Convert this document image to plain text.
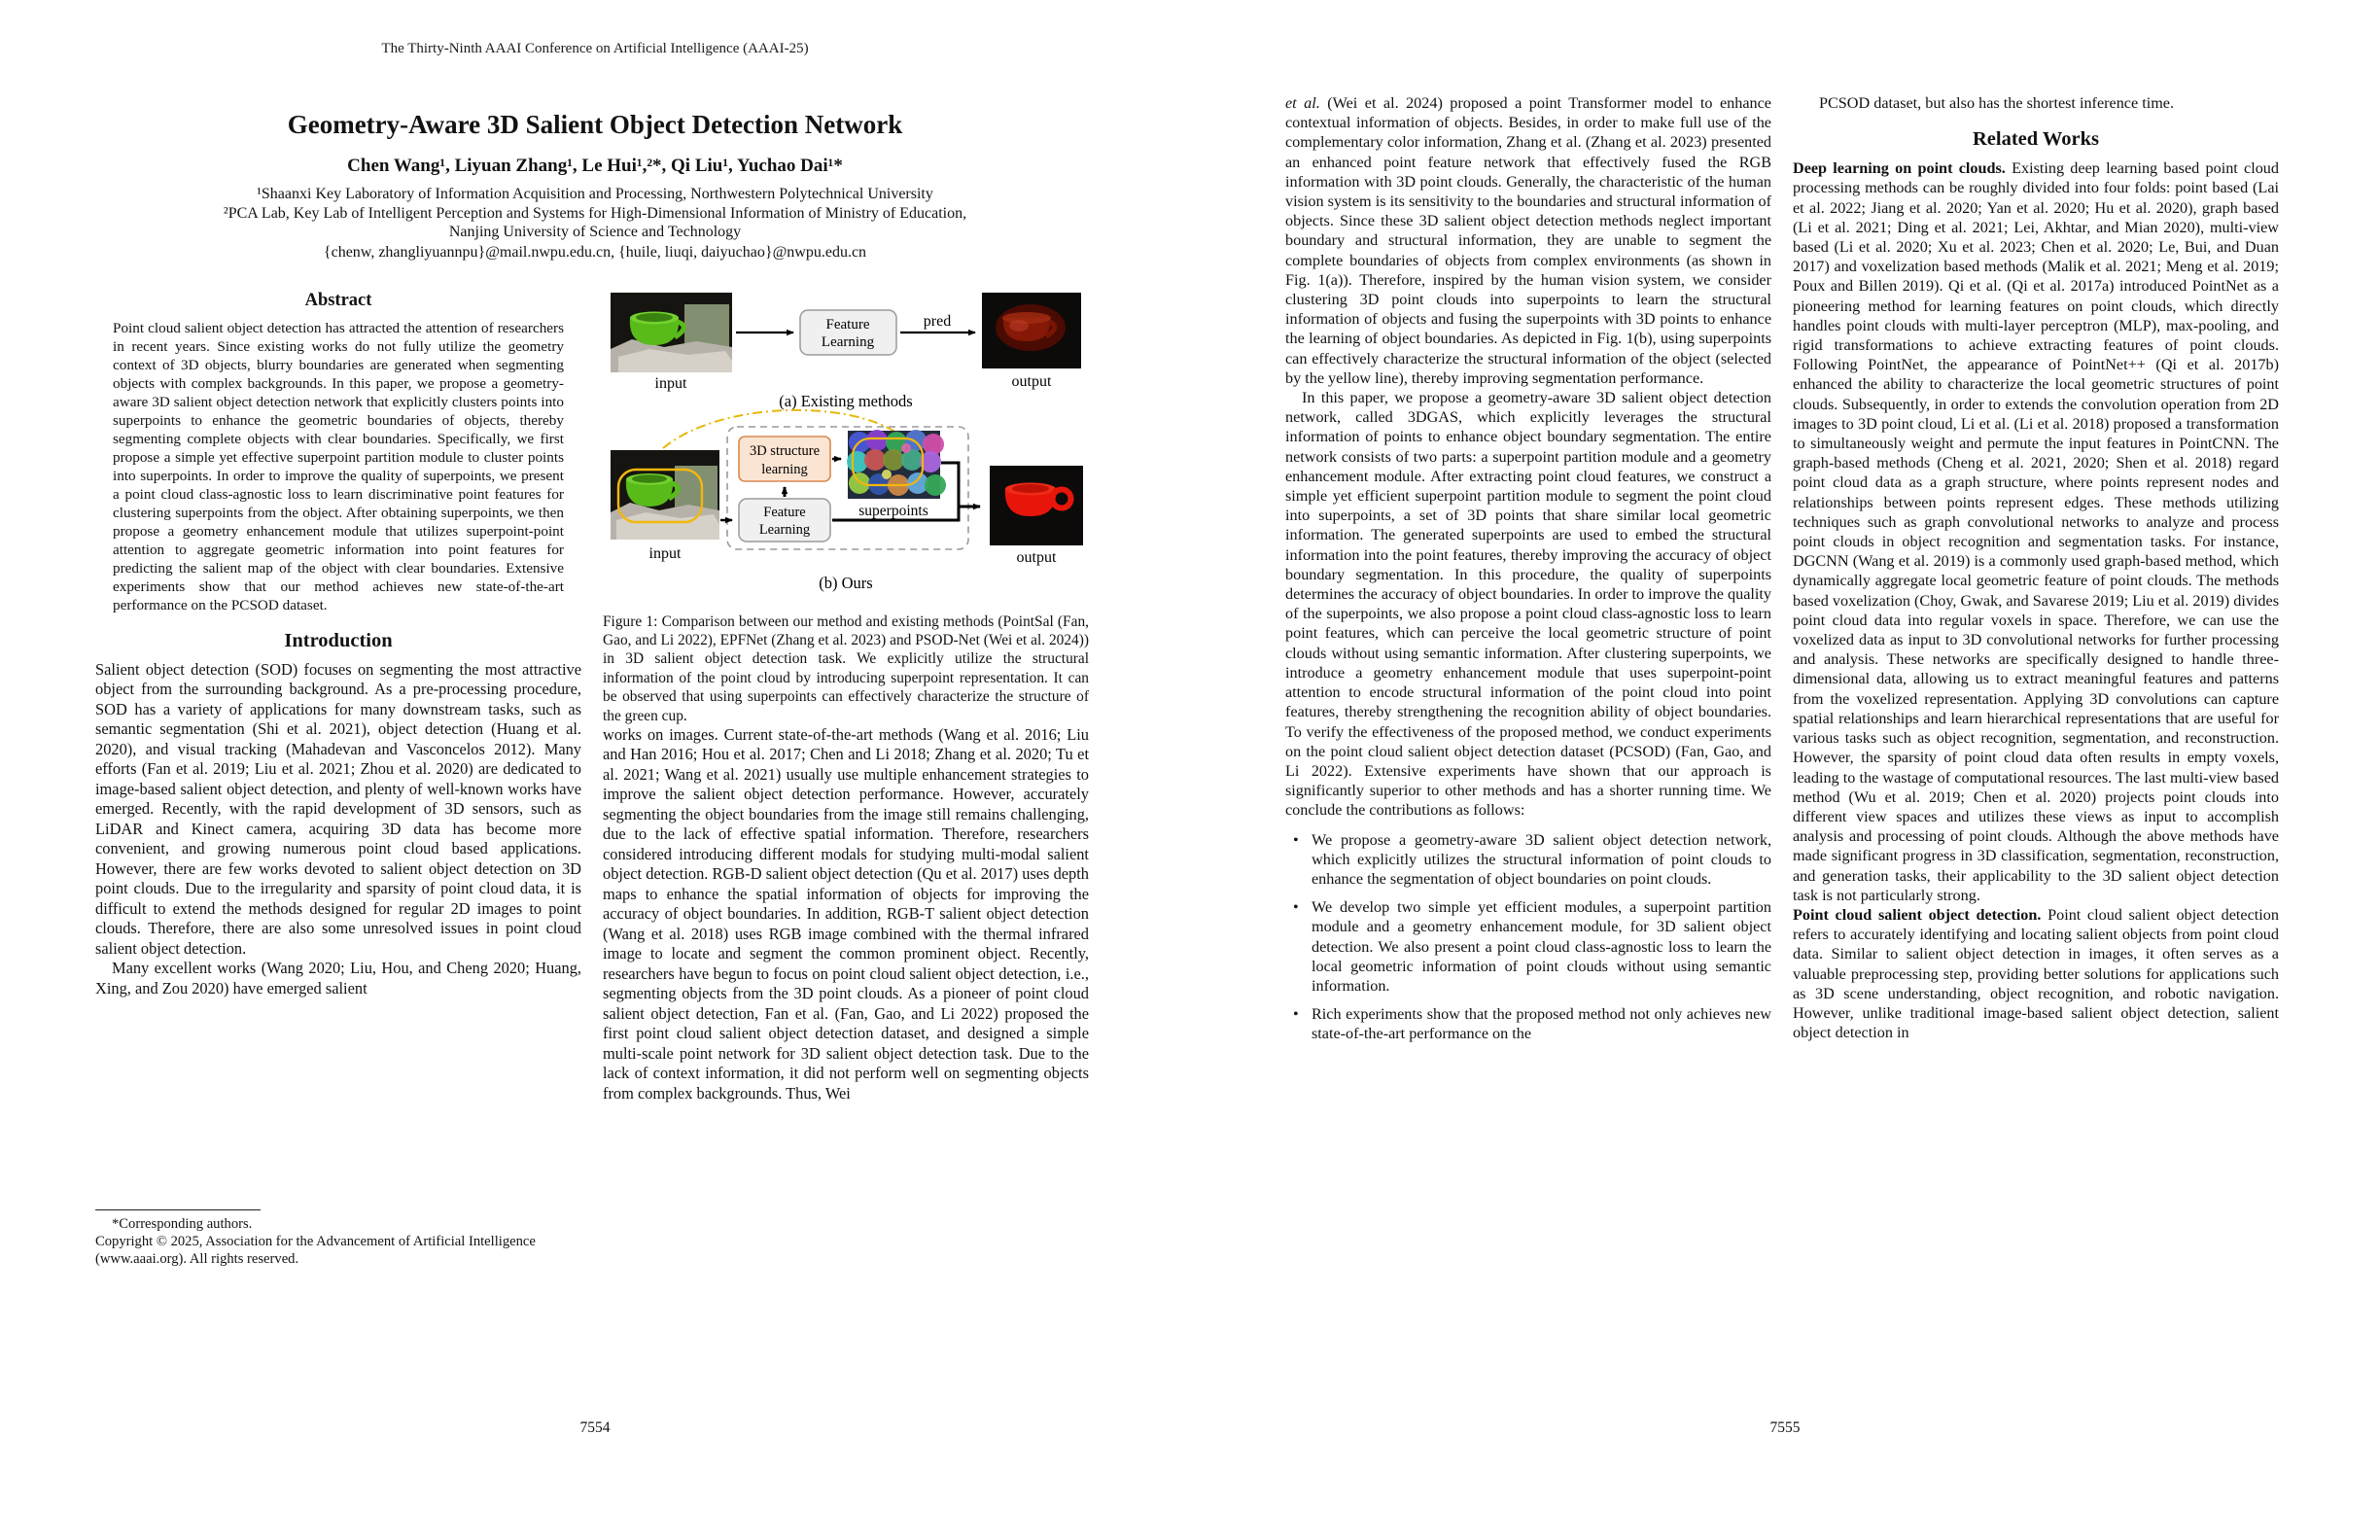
The Thirty-Ninth AAAI Conference on Artificial Intelligence (AAAI-25)
Geometry-Aware 3D Salient Object Detection Network
Chen Wang¹, Liyuan Zhang¹, Le Hui¹,²*, Qi Liu¹, Yuchao Dai¹*
¹Shaanxi Key Laboratory of Information Acquisition and Processing, Northwestern Polytechnical University
²PCA Lab, Key Lab of Intelligent Perception and Systems for High-Dimensional Information of Ministry of Education,
Nanjing University of Science and Technology
{chenw, zhangliyuannpu}@mail.nwpu.edu.cn, {huile, liuqi, daiyuchao}@nwpu.edu.cn
Abstract
Point cloud salient object detection has attracted the attention of researchers in recent years. Since existing works do not fully utilize the geometry context of 3D objects, blurry boundaries are generated when segmenting objects with complex backgrounds. In this paper, we propose a geometry-aware 3D salient object detection network that explicitly clusters points into superpoints to enhance the geometric boundaries of objects, thereby segmenting complete objects with clear boundaries. Specifically, we first propose a simple yet effective superpoint partition module to cluster points into superpoints. In order to improve the quality of superpoints, we present a point cloud class-agnostic loss to learn discriminative point features for clustering superpoints from the object. After obtaining superpoints, we then propose a geometry enhancement module that utilizes superpoint-point attention to aggregate geometric information into point features for predicting the salient map of the object with clear boundaries. Extensive experiments show that our method achieves new state-of-the-art performance on the PCSOD dataset.
Introduction

Salient object detection (SOD) focuses on segmenting the most attractive object from the surrounding background. As a pre-processing procedure, SOD has a variety of applications for many downstream tasks, such as semantic segmentation (Shi et al. 2021), object detection (Huang et al. 2020), and visual tracking (Mahadevan and Vasconcelos 2012). Many efforts (Fan et al. 2019; Liu et al. 2021; Zhou et al. 2020) are dedicated to image-based salient object detection, and plenty of well-known works have emerged. Recently, with the rapid development of 3D sensors, such as LiDAR and Kinect camera, acquiring 3D data has become more convenient, and growing numerous point cloud based applications. However, there are few works devoted to salient object detection on 3D point clouds. Due to the irregularity and sparsity of point cloud data, it is difficult to extend the methods designed for regular 2D images to point clouds. Therefore, there are also some unresolved issues in point cloud salient object detection.

Many excellent works (Wang 2020; Liu, Hou, and Cheng 2020; Huang, Xing, and Zou 2020) have emerged salient

*Corresponding authors.
Copyright © 2025, Association for the Advancement of Artificial Intelligence (www.aaai.org). All rights reserved.
Feature
Learning
pred
input	output
(a) Existing methods
3D structure
learning
superpoints
Feature
Learning
input	output
(b) Ours
Figure 1: Comparison between our method and existing methods (PointSal (Fan, Gao, and Li 2022), EPFNet (Zhang et al. 2023) and PSOD-Net (Wei et al. 2024)) in 3D salient object detection task. We explicitly utilize the structural information of the point cloud by introducing superpoint representation. It can be observed that using superpoints can effectively characterize the structure of the green cup.

works on images. Current state-of-the-art methods (Wang et al. 2016; Liu and Han 2016; Hou et al. 2017; Chen and Li 2018; Zhang et al. 2020; Tu et al. 2021; Wang et al. 2021) usually use multiple enhancement strategies to improve the salient object detection performance. However, accurately segmenting the object boundaries from the image still remains challenging, due to the lack of effective spatial information. Therefore, researchers considered introducing different modals for studying multi-modal salient object detection. RGB-D salient object detection (Qu et al. 2017) uses depth maps to enhance the spatial information of objects for improving the accuracy of object boundaries. In addition, RGB-T salient object detection (Wang et al. 2018) uses RGB image combined with the thermal infrared image to locate and segment the common prominent object. Recently, researchers have begun to focus on point cloud salient object detection, i.e., segmenting objects from the 3D point clouds. As a pioneer of point cloud salient object detection, Fan et al. (Fan, Gao, and Li 2022) proposed the first point cloud salient object detection dataset, and designed a simple multi-scale point network for 3D salient object detection task. Due to the lack of context information, it did not perform well on segmenting objects from complex backgrounds. Thus, Wei

7554

et al. (Wei et al. 2024) proposed a point Transformer model to enhance contextual information of objects. Besides, in order to make full use of the complementary color information, Zhang et al. (Zhang et al. 2023) presented an enhanced point feature network that effectively fused the RGB information with 3D point clouds. Generally, the characteristic of the human vision system is its sensitivity to the boundaries and structural information of objects. Since these 3D salient object detection methods neglect important boundary and structural information, they are unable to segment the complete boundaries of objects from complex environments (as shown in Fig. 1(a)). Therefore, inspired by the human vision system, we consider clustering 3D point clouds into superpoints to learn the structural information of objects and fusing the superpoints with 3D points to enhance the learning of object boundaries. As depicted in Fig. 1(b), using superpoints can effectively characterize the structural information of the object (selected by the yellow line), thereby improving segmentation performance.

In this paper, we propose a geometry-aware 3D salient object detection network, called 3DGAS, which explicitly leverages the structural information of points to enhance object boundary segmentation. The entire network consists of two parts: a superpoint partition module and a geometry enhancement module. After extracting point cloud features, we construct a simple yet efficient superpoint partition module to segment the point cloud into superpoints, a set of 3D points that share similar local geometric information. The generated superpoints are used to embed the structural information into the point features, thereby improving the accuracy of object boundary segmentation. In this procedure, the quality of superpoints determines the accuracy of object boundaries. In order to improve the quality of the superpoints, we also propose a point cloud class-agnostic loss to learn point features, which can perceive the local geometric structure of point clouds without using semantic information. After clustering superpoints, we introduce a geometry enhancement module that uses superpoint-point attention to encode structural information of the point cloud into point features, thereby strengthening the recognition ability of object boundaries. To verify the effectiveness of the proposed method, we conduct experiments on the point cloud salient object detection dataset (PCSOD) (Fan, Gao, and Li 2022). Extensive experiments have shown that our approach is significantly superior to other methods and has a shorter running time. We conclude the contributions as follows:

• We propose a geometry-aware 3D salient object detection network, which explicitly utilizes the structural information of point clouds to enhance the segmentation of object boundaries on point clouds.
• We develop two simple yet efficient modules, a superpoint partition module and a geometry enhancement module, for 3D salient object detection. We also present a point cloud class-agnostic loss to learn the local geometric information of point clouds without using semantic information.
• Rich experiments show that the proposed method not only achieves new state-of-the-art performance on the

PCSOD dataset, but also has the shortest inference time.

Related Works

Deep learning on point clouds. Existing deep learning based point cloud processing methods can be roughly divided into four folds: point based (Lai et al. 2022; Jiang et al. 2020; Yan et al. 2020; Hu et al. 2020), graph based (Li et al. 2021; Ding et al. 2021; Lei, Akhtar, and Mian 2020), multi-view based (Li et al. 2020; Xu et al. 2023; Chen et al. 2020; Le, Bui, and Duan 2017) and voxelization based methods (Malik et al. 2021; Meng et al. 2019; Poux and Billen 2019). Qi et al. (Qi et al. 2017a) introduced PointNet as a pioneering method for learning features on point clouds, which directly handles point clouds with multi-layer perceptron (MLP), max-pooling, and rigid transformations to achieve extracting features of point clouds. Following PointNet, the appearance of PointNet++ (Qi et al. 2017b) enhanced the ability to characterize the local geometric structures of point clouds. Subsequently, in order to extends the convolution operation from 2D images to 3D point cloud, Li et al. (Li et al. 2018) proposed a transformation to simultaneously weight and permute the input features in PointCNN. The graph-based methods (Cheng et al. 2021, 2020; Shen et al. 2018) regard point cloud data as a graph structure, where points represent nodes and relationships between points represent edges. These methods utilizing techniques such as graph convolutional networks to analyze and process point clouds in object recognition and segmentation tasks. For instance, DGCNN (Wang et al. 2019) is a commonly used graph-based method, which dynamically aggregate local geometric feature of point clouds. The methods based voxelization (Choy, Gwak, and Savarese 2019; Liu et al. 2019) divides point cloud data into regular voxels in space. Therefore, we can use the voxelized data as input to 3D convolutional networks for further processing and analysis. These networks are specifically designed to handle three-dimensional data, allowing us to extract meaningful features and patterns from the voxelized representation. Applying 3D convolutions can capture spatial relationships and learn hierarchical representations that are useful for various tasks such as object recognition, segmentation, and reconstruction. However, the sparsity of point cloud data often results in empty voxels, leading to the wastage of computational resources. The last multi-view based method (Wu et al. 2019; Chen et al. 2020) projects point clouds into different view spaces and utilizes these views as input to accomplish analysis and processing of point clouds. Although the above methods have made significant progress in 3D classification, segmentation, reconstruction, and generation tasks, their applicability to the 3D salient object detection task is not particularly strong.

Point cloud salient object detection. Point cloud salient object detection refers to accurately identifying and locating salient objects from point cloud data. Similar to salient object detection in images, it often serves as a valuable preprocessing step, providing better solutions for applications such as 3D scene understanding, object recognition, and robotic navigation. However, unlike traditional image-based salient object detection, salient object detection in

7555
